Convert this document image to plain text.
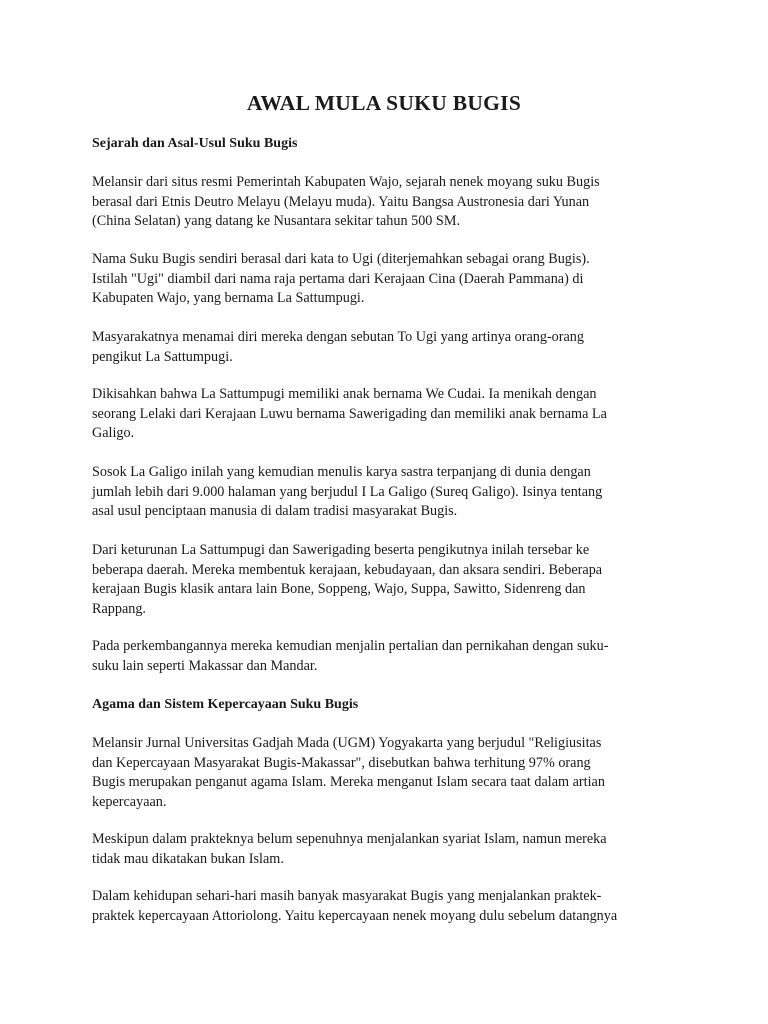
AWAL MULA SUKU BUGIS
Sejarah dan Asal-Usul Suku Bugis

Melansir dari situs resmi Pemerintah Kabupaten Wajo, sejarah nenek moyang suku Bugis
berasal dari Etnis Deutro Melayu (Melayu muda). Yaitu Bangsa Austronesia dari Yunan
(China Selatan) yang datang ke Nusantara sekitar tahun 500 SM.

Nama Suku Bugis sendiri berasal dari kata to Ugi (diterjemahkan sebagai orang Bugis).
Istilah "Ugi" diambil dari nama raja pertama dari Kerajaan Cina (Daerah Pammana) di
Kabupaten Wajo, yang bernama La Sattumpugi.

Masyarakatnya menamai diri mereka dengan sebutan To Ugi yang artinya orang-orang
pengikut La Sattumpugi.

Dikisahkan bahwa La Sattumpugi memiliki anak bernama We Cudai. Ia menikah dengan
seorang Lelaki dari Kerajaan Luwu bernama Sawerigading dan memiliki anak bernama La
Galigo.

Sosok La Galigo inilah yang kemudian menulis karya sastra terpanjang di dunia dengan
jumlah lebih dari 9.000 halaman yang berjudul I La Galigo (Sureq Galigo). Isinya tentang
asal usul penciptaan manusia di dalam tradisi masyarakat Bugis.

Dari keturunan La Sattumpugi dan Sawerigading beserta pengikutnya inilah tersebar ke
beberapa daerah. Mereka membentuk kerajaan, kebudayaan, dan aksara sendiri. Beberapa
kerajaan Bugis klasik antara lain Bone, Soppeng, Wajo, Suppa, Sawitto, Sidenreng dan
Rappang.

Pada perkembangannya mereka kemudian menjalin pertalian dan pernikahan dengan suku-
suku lain seperti Makassar dan Mandar.

Agama dan Sistem Kepercayaan Suku Bugis

Melansir Jurnal Universitas Gadjah Mada (UGM) Yogyakarta yang berjudul "Religiusitas
dan Kepercayaan Masyarakat Bugis-Makassar", disebutkan bahwa terhitung 97% orang
Bugis merupakan penganut agama Islam. Mereka menganut Islam secara taat dalam artian
kepercayaan.

Meskipun dalam prakteknya belum sepenuhnya menjalankan syariat Islam, namun mereka
tidak mau dikatakan bukan Islam.

Dalam kehidupan sehari-hari masih banyak masyarakat Bugis yang menjalankan praktek-
praktek kepercayaan Attoriolong. Yaitu kepercayaan nenek moyang dulu sebelum datangnya
